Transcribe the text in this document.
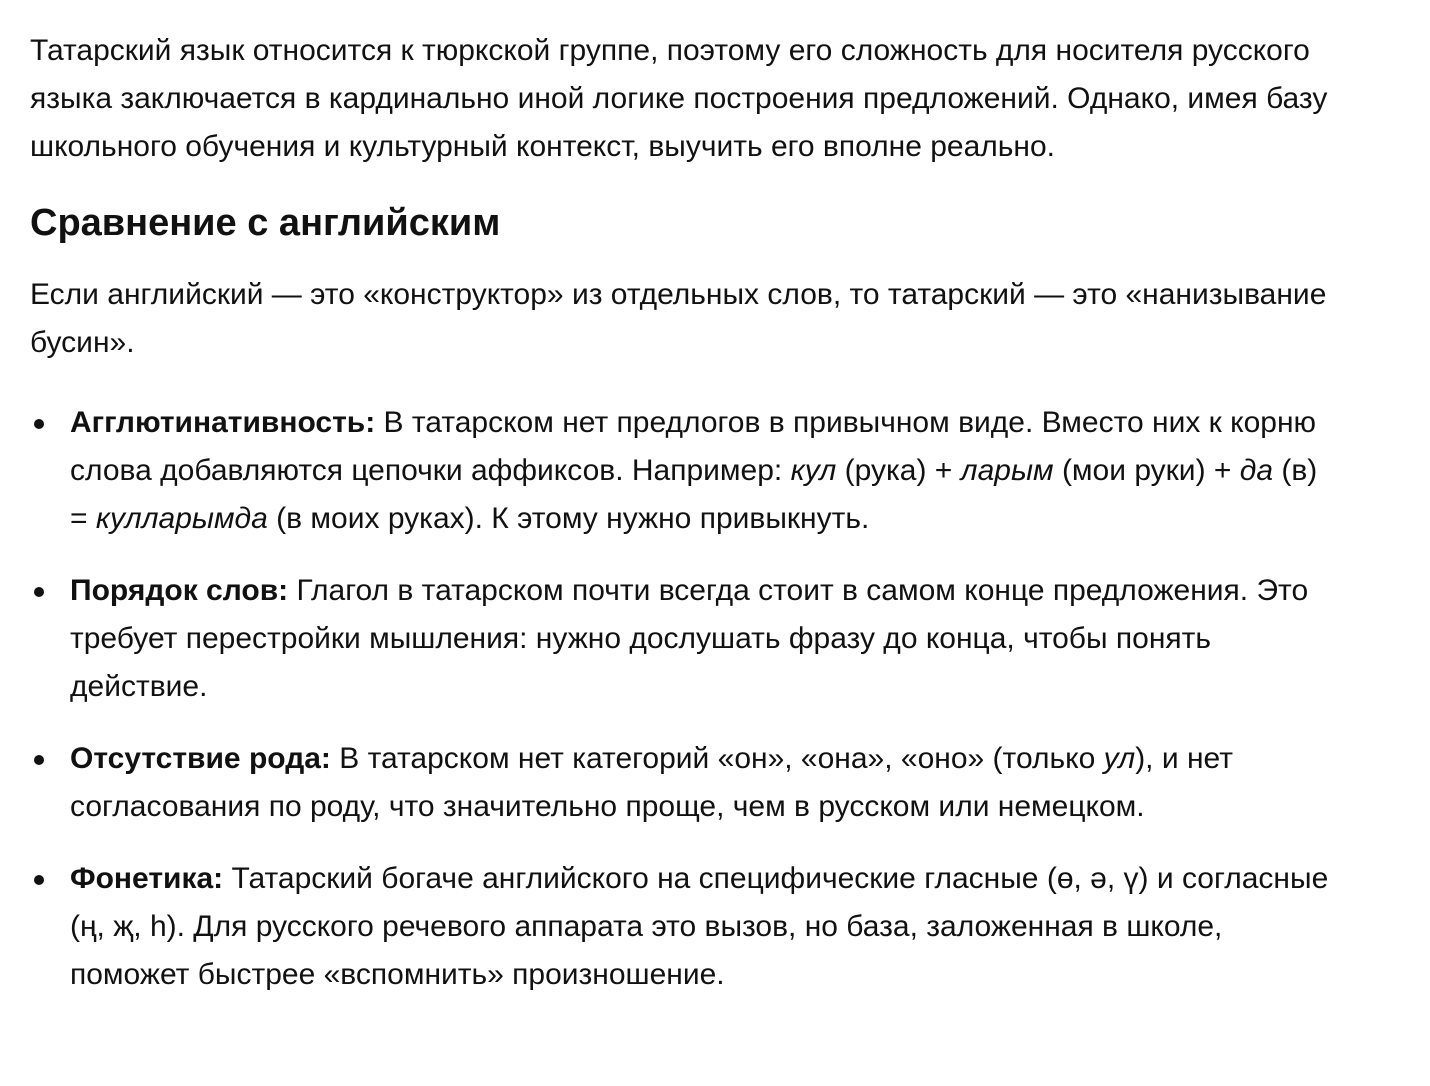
Татарский язык относится к тюркской группе, поэтому его сложность для носителя русского языка заключается в кардинально иной логике построения предложений. Однако, имея базу школьного обучения и культурный контекст, выучить его вполне реально.

Сравнение с английским

Если английский — это «конструктор» из отдельных слов, то татарский — это «нанизывание бусин».

Агглютинативность: В татарском нет предлогов в привычном виде. Вместо них к корню слова добавляются цепочки аффиксов. Например: кул (рука) + ларым (мои руки) + да (в) = кулларымда (в моих руках). К этому нужно привыкнуть.
Порядок слов: Глагол в татарском почти всегда стоит в самом конце предложения. Это требует перестройки мышления: нужно дослушать фразу до конца, чтобы понять действие.
Отсутствие рода: В татарском нет категорий «он», «она», «оно» (только ул), и нет согласования по роду, что значительно проще, чем в русском или немецком.
Фонетика: Татарский богаче английского на специфические гласные (ө, ә, ү) и согласные (ң, җ, һ). Для русского речевого аппарата это вызов, но база, заложенная в школе, поможет быстрее «вспомнить» произношение.
